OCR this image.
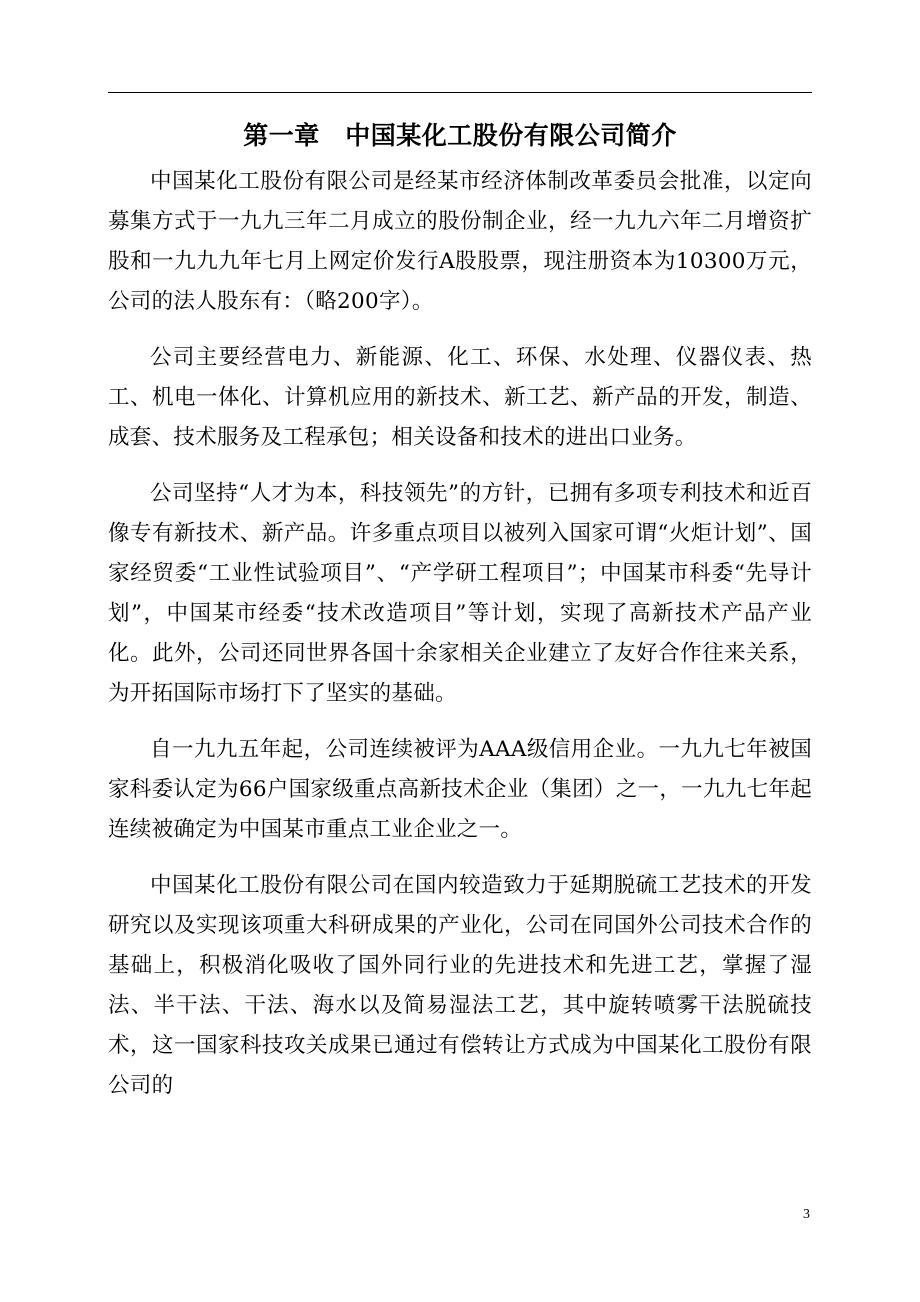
第一章　中国某化工股份有限公司简介

中国某化工股份有限公司是经某市经济体制改革委员会批准，以定向募集方式于一九九三年二月成立的股份制企业，经一九九六年二月增资扩股和一九九九年七月上网定价发行A股股票，现注册资本为10300万元，公司的法人股东有：（略200字）。

公司主要经营电力、新能源、化工、环保、水处理、仪器仪表、热工、机电一体化、计算机应用的新技术、新工艺、新产品的开发，制造、成套、技术服务及工程承包；相关设备和技术的进出口业务。

公司坚持“人才为本，科技领先”的方针，已拥有多项专利技术和近百像专有新技术、新产品。许多重点项目以被列入国家可谓“火炬计划”、国家经贸委“工业性试验项目”、“产学研工程项目”；中国某市科委“先导计划”，中国某市经委“技术改造项目”等计划，实现了高新技术产品产业化。此外，公司还同世界各国十余家相关企业建立了友好合作往来关系，为开拓国际市场打下了坚实的基础。

自一九九五年起，公司连续被评为AAA级信用企业。一九九七年被国家科委认定为66户国家级重点高新技术企业（集团）之一，一九九七年起连续被确定为中国某市重点工业企业之一。

中国某化工股份有限公司在国内较造致力于延期脱硫工艺技术的开发研究以及实现该项重大科研成果的产业化，公司在同国外公司技术合作的基础上，积极消化吸收了国外同行业的先进技术和先进工艺，掌握了湿法、半干法、干法、海水以及简易湿法工艺，其中旋转喷雾干法脱硫技术，这一国家科技攻关成果已通过有偿转让方式成为中国某化工股份有限公司的

3
